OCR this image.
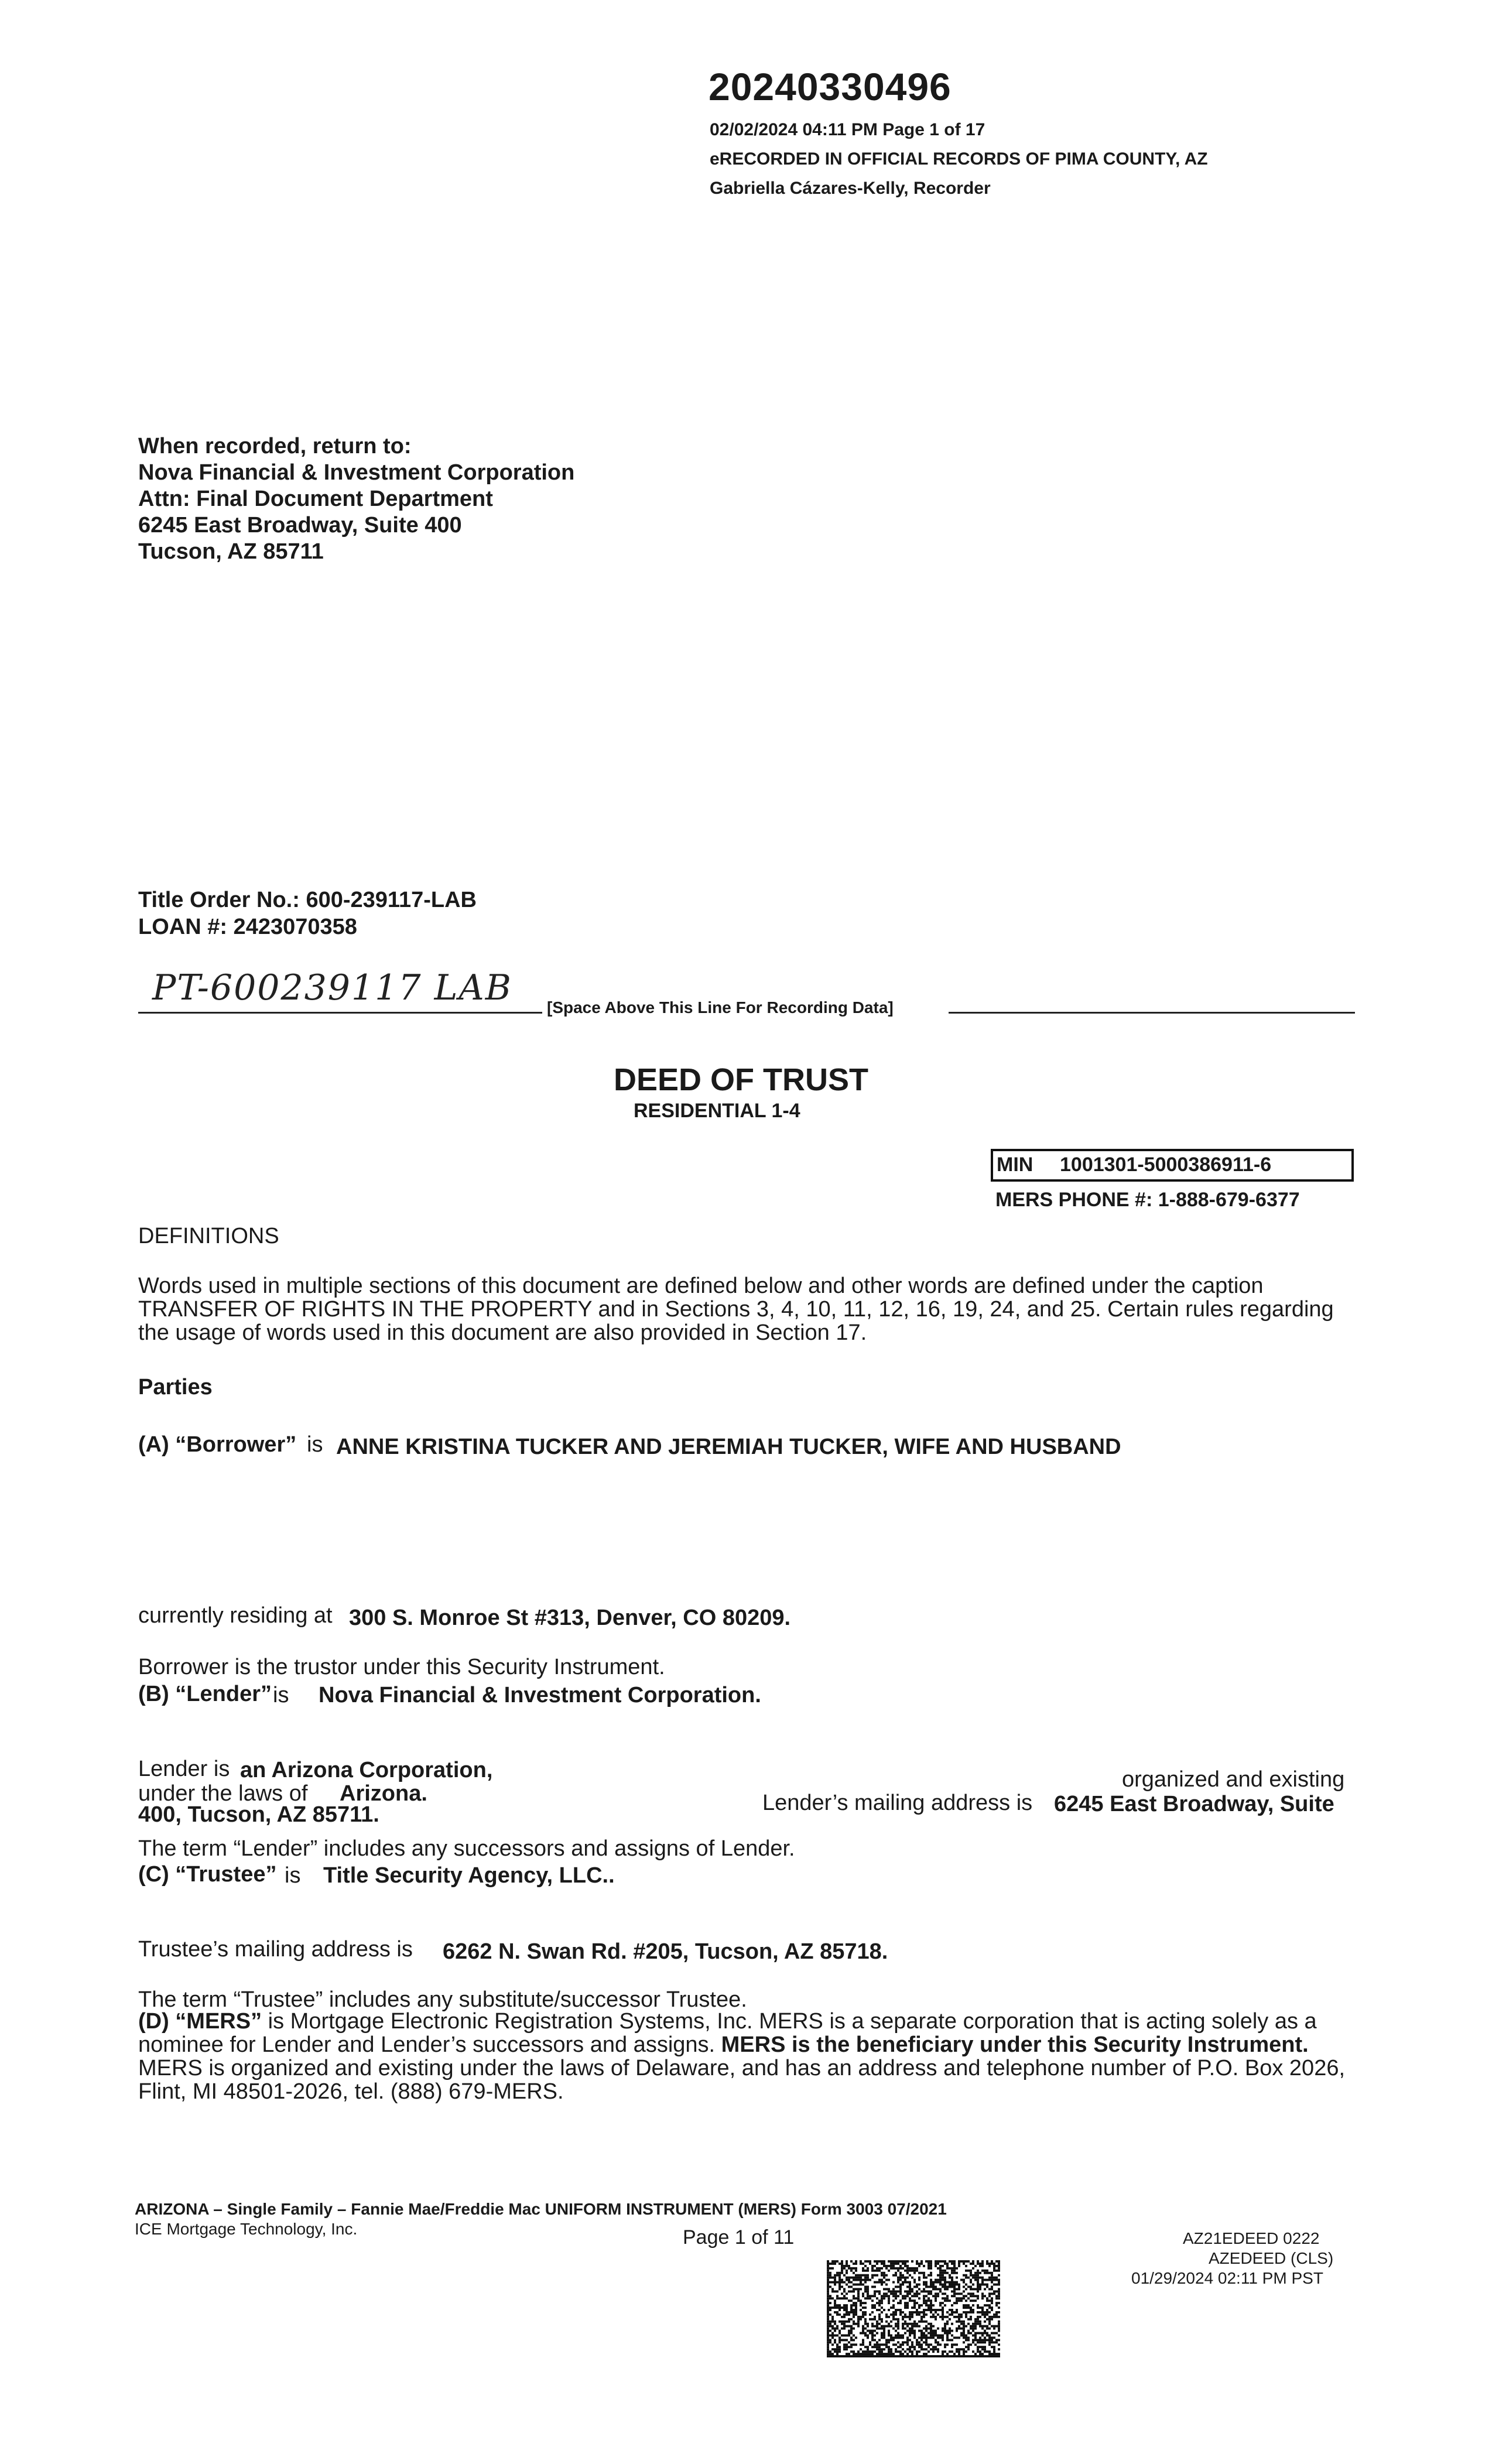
20240330496
02/02/2024 04:11 PM Page 1 of 17
eRECORDED IN OFFICIAL RECORDS OF PIMA COUNTY, AZ
Gabriella Cázares-Kelly, Recorder
When recorded, return to:
Nova Financial & Investment Corporation
Attn: Final Document Department
6245 East Broadway, Suite 400
Tucson, AZ 85711
Title Order No.: 600-239117-LAB
LOAN #: 2423070358
PT-600239117 LAB [Space Above This Line For Recording Data]
DEED OF TRUST
RESIDENTIAL 1-4
MIN 1001301-5000386911-6
MERS PHONE #: 1-888-679-6377
DEFINITIONS
Words used in multiple sections of this document are defined below and other words are defined under the caption TRANSFER OF RIGHTS IN THE PROPERTY and in Sections 3, 4, 10, 11, 12, 16, 19, 24, and 25. Certain rules regarding the usage of words used in this document are also provided in Section 17.
Parties
(A) “Borrower” is ANNE KRISTINA TUCKER AND JEREMIAH TUCKER, WIFE AND HUSBAND
currently residing at 300 S. Monroe St #313, Denver, CO 80209.
Borrower is the trustor under this Security Instrument.
(B) “Lender” is Nova Financial & Investment Corporation.
Lender is an Arizona Corporation,	organized and existing
under the laws of Arizona.	Lender’s mailing address is 6245 East Broadway, Suite
400, Tucson, AZ 85711.
The term “Lender” includes any successors and assigns of Lender.
(C) “Trustee” is Title Security Agency, LLC..
Trustee’s mailing address is 6262 N. Swan Rd. #205, Tucson, AZ 85718.
The term “Trustee” includes any substitute/successor Trustee.

(D) “MERS” is Mortgage Electronic Registration Systems, Inc. MERS is a separate corporation that is acting solely as a nominee for Lender and Lender’s successors and assigns. MERS is the beneficiary under this Security Instrument. MERS is organized and existing under the laws of Delaware, and has an address and telephone number of P.O. Box 2026, Flint, MI 48501-2026, tel. (888) 679-MERS.

ARIZONA – Single Family – Fannie Mae/Freddie Mac UNIFORM INSTRUMENT (MERS) Form 3003 07/2021
ICE Mortgage Technology, Inc.	Page 1 of 11	AZ21EDEED 0222
AZEDEED (CLS)
01/29/2024 02:11 PM PST
